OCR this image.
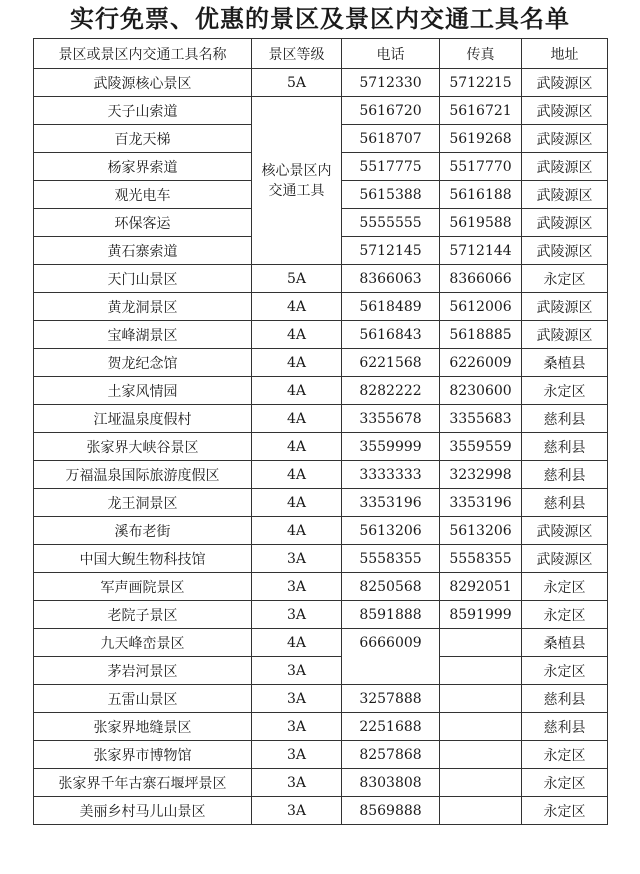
实行免票、优惠的景区及景区内交通工具名单
景区或景区内交通工具名称	景区等级	电话	传真	地址
武陵源核心景区	5A	5712330	5712215	武陵源区
天子山索道	核心景区内交通工具	5616720	5616721	武陵源区
百龙天梯		5618707	5619268	武陵源区
杨家界索道		5517775	5517770	武陵源区
观光电车		5615388	5616188	武陵源区
环保客运		5555555	5619588	武陵源区
黄石寨索道		5712145	5712144	武陵源区
天门山景区	5A	8366063	8366066	永定区
黄龙洞景区	4A	5618489	5612006	武陵源区
宝峰湖景区	4A	5616843	5618885	武陵源区
贺龙纪念馆	4A	6221568	6226009	桑植县
土家风情园	4A	8282222	8230600	永定区
江垭温泉度假村	4A	3355678	3355683	慈利县
张家界大峡谷景区	4A	3559999	3559559	慈利县
万福温泉国际旅游度假区	4A	3333333	3232998	慈利县
龙王洞景区	4A	3353196	3353196	慈利县
溪布老街	4A	5613206	5613206	武陵源区
中国大鲵生物科技馆	3A	5558355	5558355	武陵源区
军声画院景区	3A	8250568	8292051	永定区
老院子景区	3A	8591888	8591999	永定区
九天峰峦景区	4A	6666009		桑植县
茅岩河景区	3A			永定区
五雷山景区	3A	3257888		慈利县
张家界地缝景区	3A	2251688		慈利县
张家界市博物馆	3A	8257868		永定区
张家界千年古寨石堰坪景区	3A	8303808		永定区
美丽乡村马儿山景区	3A	8569888		永定区
